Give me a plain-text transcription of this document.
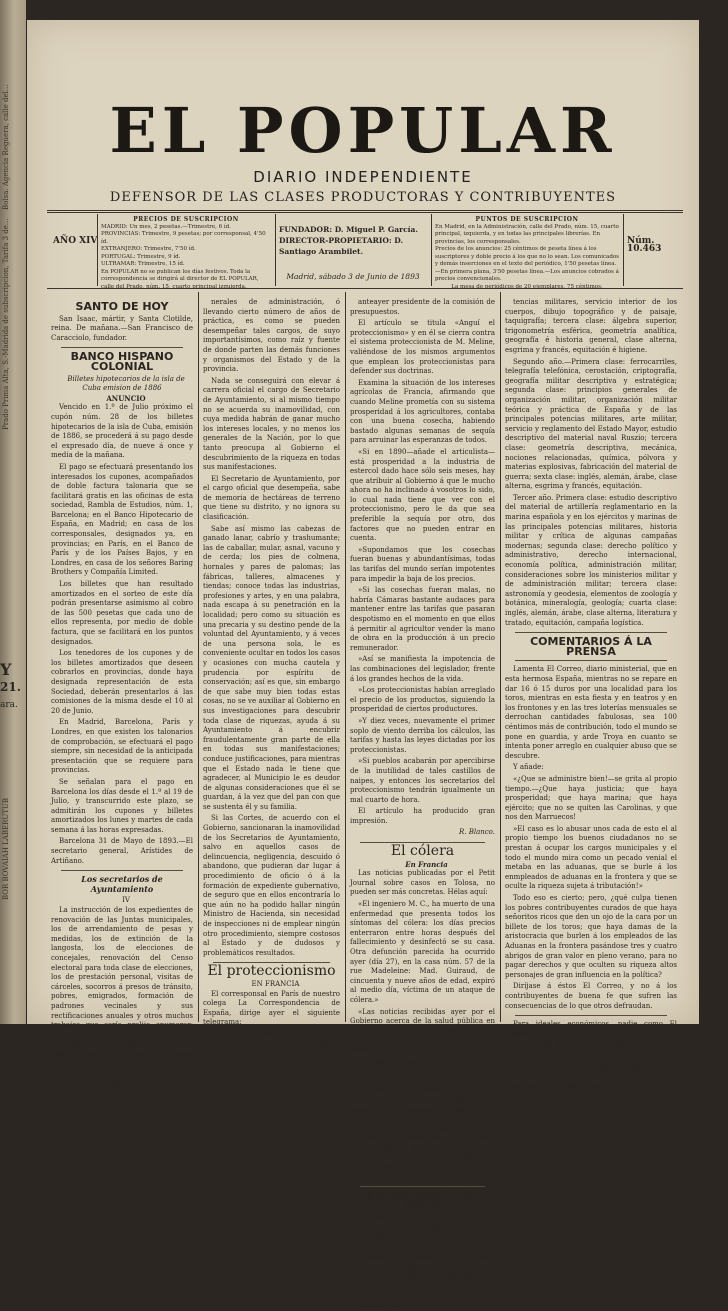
Bolsa. Agencia Reguera, calle del...
a de subscripcion, Tarifa 3 de...
Prado Prima Alta, S.-Madrid
BOR BOVAIAH LABERUTUB
Y
21.
ara.
EL POPULAR
DIARIO INDEPENDIENTE
DEFENSOR DE LAS CLASES PRODUCTORAS Y CONTRIBUYENTES
AÑO XIV
PRECIOS DE SUSCRIPCION
MADRID: Un mes, 2 pesetas.—Trimestre, 6 íd.
PROVINCIAS: Trimestre, 9 pesetas; por corresponsal, 4'50 íd.
EXTRANJERO: Trimestre, 7'50 íd.
PORTUGAL: Trimestre, 9 íd.
ULTRAMAR: Trimestre, 15 íd.
En POPULAR no se publican los días festivos. Toda la correspondencia se dirigirá al director de EL POPULAR, calle del Prado, núm. 15, cuarto principal izquierda.
FUNDADOR: D. Miguel P. García.
DIRECTOR-PROPIETARIO: D. Santiago Arambilet.
Madrid, sábado 3 de Junio de 1893
PUNTOS DE SUSCRIPCION
En Madrid, en la Administración, calle del Prado, núm. 15, cuarto principal, izquierda, y en todas las principales librerías. En provincias, los corresponsales.
Precios de los anuncios: 25 céntimos de peseta línea á los suscriptores y doble precio á los que no lo sean. Los comunicados y demás inserciones en el texto del periódico, 1'50 pesetas línea.—En primera plana, 3'50 pesetas línea.—Los anuncios cobrados á precios convencionales.
La mesa de periódicos de 20 ejemplares, 75 céntimos.
Núm. 10.463
SANTO DE HOY

San Isaac, mártir, y Santa Clotilde, reina. De mañana.—San Francisco de Caracciolo, fundador.

BANCO HISPANO COLONIAL

Billetes hipotecarios de la isla de Cuba emision de 1886

ANUNCIO

Vencido en 1.º de Julio próximo el cupón núm. 28 de los billetes hipotecarios de la isla de Cuba, emisión de 1886, se procederá á su pago desde el expresado día, de nueve á once y media de la mañana.

El pago se efectuará presentando los interesados los cupones, acompañados de doble factura talonaria que se facilitará gratis en las oficinas de esta sociedad, Rambla de Estudios, núm. 1, Barcelona; en el Banco Hipotecario de España, en Madrid; en casa de los corresponsales, designados ya, en provincias; en París, en el Banco de París y de los Países Bajos, y en Londres, en casa de los señores Baring Brothers y Compañía Limited.

Los billetes que han resultado amortizados en el sorteo de este día podrán presentarse asimismo al cobro de las 500 pesetas que cada uno de ellos representa, por medio de doble factura, que se facilitará en los puntos designados.

Los tenedores de los cupones y de los billetes amortizados que deseen cobrarlos en provincias, donde haya designada representación de esta Sociedad, deberán presentarlos á las comisiones de la misma desde el 10 al 20 de Junio.

En Madrid, Barcelona, París y Londres, en que existen los talonarios de comprobación, se efectuará el pago siempre, sin necesidad de la anticipada presentación que se requiere para provincias.

Se señalan para el pago en Barcelona los días desde el 1.º al 19 de Julio, y transcurrido este plazo, se admitirán los cupones y billetes amortizados los lunes y martes de cada semana á las horas expresadas.

Barcelona 31 de Mayo de 1893.—El secretario general, Arístides de Artiñano.

Los secretarios de Ayuntamiento

IV

La instrucción de los expedientes de renovación de las Juntas municipales, los de arrendamiento de pesas y medidas, los de extinción de la langosta, los de elecciones de concejales, renovación del Censo electoral para toda clase de elecciones, los de prestación personal, visitas de cárceles, socorros á presos de tránsito, pobres, emigrados, formación de padrones vecinales y sus rectificaciones anuales y otros muchos trabajos que sería prolijo enumerar; todo ello es de tal entidad y exige conocimiento tan diverso, que se impone como una necesidad de Estado la creación de la carrera de Secretarios de Ayuntamiento, porque solamente poseyendo conocimientos ge-

nerales de administración, ó llevando cierto número de años de práctica, es como se pueden desempeñar tales cargos, de suyo importantísimos, como raíz y fuente de donde parten las demás funciones y organismos del Estado y de la provincia.

Nada se conseguirá con elevar á carrera oficial el cargo de Secretario de Ayuntamiento, si al mismo tiempo no se acuerda su inamovilidad, con cuya medida habrán de ganar mucho los intereses locales, y no menos los generales de la Nación, por lo que tanto preocupa al Gobierno el descubrimiento de la riqueza en todas sus manifestaciones.

El Secretario de Ayuntamiento, por el cargo oficial que desempeña, sabe de memoria de hectáreas de terreno que tiene su distrito, y no ignora su clasificación.

Sabe así mismo las cabezas de ganado lanar, cabrío y trashumante; las de caballar, mular, asnal, vacuno y de cerda; los pies de colmena, hornales y pares de palomas; las fábricas, talleres, almacenes y tiendas; conoce todas las industrias, profesiones y artes, y en una palabra, nada escapa á su penetración en la localidad; pero como su situación es una precaria y su destino pende de la voluntad del Ayuntamiento, y á veces de una persona sola, le es conveniente ocultar en todos los casos y ocasiones con mucha cautela y prudencia por espíritu de conservación; así es que, sin embargo de que sabe muy bien todas estas cosas, no se ve auxiliar al Gobierno en sus investigaciones para descubrir toda clase de riquezas, ayuda á su Ayuntamiento á encubrir fraudulentamente gran parte de ella en todas sus manifestaciones; conduce justificaciones, para mientras que el Estado nada le tiene que agradecer, al Municipio le es deudor de algunas consideraciones que él se guardan, á la vez que del pan con que se sustenta él y su familia.

Si las Cortes, de acuerdo con el Gobierno, sancionaran la inamovilidad de los Secretarios de Ayuntamiento, salvo en aquellos casos de delincuencia, negligencia, descuido ó abandono, que pudieran dar lugar á procedimiento de oficio ó á la formación de expediente gubernativo, de seguro que en ellos encontraría lo que aún no ha podido hallar ningún Ministro de Hacienda, sin necesidad de inspecciones ni de emplear ningún otro procedimiento, siempre costosos al Estado y de dudosos y problemáticos resultados.

El proteccionismo

EN FRANCIA

El corresponsal en París de nuestro colega La Correspondencia de España, dirige ayer el siguiente telegrama:

La Matin publica un artículo de fondo, firmado por el ex-ministro Burdeau, nombrado

anteayer presidente de la comisión de presupuestos.

El artículo se titula «Anguí el proteccionismo» y en él se cierra contra el sistema proteccionista de M. Meline, valiéndose de los mismos argumentos que emplean los proteccionistas para defender sus doctrinas.

Examina la situación de los intereses agrícolas de Francia, afirmando que cuando Meline prometía con su sistema prosperidad á los agricultores, contaba con una buena cosecha, habiendo bastado algunas semanas de sequía para arruinar las esperanzas de todos.

«Si en 1890—añade el articulista—está prosperidad a la industria de estercol dado hace sólo seis meses, hay que atribuir al Gobierno á que le mucho ahora no ha inclinado á vosotros lo sido, lo cual nada tiene que ver con el proteccionismo, pero le da que sea preferible la sequía por otro, dos factores que no pueden entrar en cuenta.

»Supondamos que los cosechas fueran buenas y abundantísimas, todas las tarifas del mundo serían impotentes para impedir la baja de los precios.

»Si las cosechas fueran malas, no habría Cámaras bastante audaces para mantener entre las tarifas que pasaran despotismo en el momento en que ellos á permitir al agricultor vender la mano de obra en la producción á un precio remunerador.

»Así se manifiesta la impotencia de las combinaciones del legislador, frente á los grandes hechos de la vida.

»Los proteccionistas habían arreglado el precio de los productos, siguiendo la prosperidad de ciertos productores.

»Y diez veces, nuevamente el primer soplo de viento derriba los cálculos, las tarifas y hasta las leyes dictadas por los proteccionistas.

»Si pueblos acabarán por apercibirse de la inutilidad de tales castillos de naipes, y entonces los secretarios del proteccionismo tendrán igualmente un mal cuarto de hora.

El artículo ha producido gran impresión.

R. Blanco.

El cólera

En Francia

Las noticias publicadas por el Petit Journal sobre casos en Tolosa, no pueden ser más concretas. Hélas aquí:

«El ingeniero M. C., ha muerto de una enfermedad que presenta todos los síntomas del cólera: los días precios enterraron entre horas después del fallecimiento y desinfectó se su casa. Otra defunción parecida ha ocurrido ayer (día 27), en la casa núm. 57 de la rue Madeleine: Mad. Guiraud, de cincuenta y nueve años de edad, expiró al medio día, víctima de un ataque de cólera.»

«Las noticias recibidas ayer por el Gobierno acerca de la salud pública en la comarca de Montpellier son satisfactorias. No se había de nuevos casos de cólera.

»La Real orden que ayer publicó la Gaceta declarando sucias las procedencias de Marsella, ordena que se despidan á lazareto sucio las procedencias de dicha localidad que hayan salido después del día 21 de Mayo y lleguen á nuestros puertos con fecha posterior á la de esta Real orden, debiendo considerarse nuevamente comprometidas, desde el día de ayer inclusive, los puertos que se hallan á menor distancia de 165 kilómetros, medidos en línea recta, de Marsella.

Escuela superior de Guerra

El plan de estudios de la misma será el siguiente, según referencia en el Diario Oficial:

Primer año.—Primera clase: elementos de astronomía, topografía, fortificación, castrametación, puentes militares; segunda clase: ordenanzas de artillería é ingenieros, reglamentos tácticos y de maniobras de las principales po-

tencias militares, servicio interior de los cuerpos, dibujo topográfico y de paisaje, taquigrafía; tercera clase: álgebra superior, trigonometría esférica, geometría analítica, geografía é historia general, clase alterna, esgrima y francés, equitación é higiene.

Segundo año.—Primera clase: ferrocarriles, telegrafía telefónica, cerostación, criptografía, geografía militar descriptiva y estratégica; segunda clase: principios generales de organización militar, organización militar teórica y práctica de España y de las principales potencias militares, arte militar, servicio y reglamento del Estado Mayor, estudio descriptivo del material naval Ruszio; tercera clase: geometría descriptiva, mecánica, nociones relacionadas, química, pólvora y materias explosivas, fabricación del material de guerra; sexta clase: inglés, alemán, árabe, clase alterna, esgrima y francés, equitación.

Tercer año. Primera clase: estudio descriptivo del material de artillería reglamentario en la marina española y en los ejércitos y marinas de las principales potencias militares, historia militar y crítica de algunas campañas modernas; segunda clase: derecho político y administrativo, derecho internacional, economía política, administración militar, consideraciones sobre los ministerios militar y de administración militar; tercera clase: astronomía y geodesia, elementos de zoología y botánica, mineralogía, geología; cuarta clase: inglés, alemán, árabe, clase alterna, literatura y tratado, equitación, campaña logística.

COMENTARIOS Á LA PRENSA

Lamenta El Correo, diario ministerial, que en esta hermosa España, mientras no se repare en dar 16 ó 15 duros por una localidad para los toros, mientras en esta fiesta y en teatros y en los frontones y en las tres loterías mensuales se derrochan cantidades fabulosas, sea 100 céntimos más de contribución, todo el mundo se pone en guardia, y arde Troya en cuanto se intenta poner arreglo en cualquier abuso que se descubre.

Y añade:

«¿Que se administre bien!—se grita al propio tiempo.—¿Que haya justicia; que haya prosperidad; que haya marina; que haya ejército; que no se quiten las Carolinas, y que nos den Marruecos!

»El caso es lo abusar unos cada de esto el al propio tiempo los buenos ciudadanos no se prestan á ocupar los cargos municipales y el todo el mundo mira como un pecado venial el metaba en las aduanas, que se burle á los enmpleados de aduanas en la frontera y que se oculte la riqueza sujeta á tributación!»

Todo eso es cierto; pero, ¿qué culpa tienen los pobres contribuyentes curados de que haya señoritos ricos que den un ojo de la cara por un billete de los toros; que haya damas de la aristocracia que burlen á los empleados de las Aduanas en la frontera pasándose tres y cuatro abrigos de gran valor en pleno verano, para no pagar derechos y que oculten su riqueza altos personajes de gran influencia en la política?

Diríjase á éstos El Correo, y no á los contribuyentes de buena fe que sufren las consecuencias de lo que otros defraudan.

Para ideales económicos, nadie como El Liberal.

Qué, como quien no dice nada, pretende lo siguiente:

«Que en vez de se rebajaron vigorosamente los gastos del Estado, á fin de que el presupuesto quede reducido realmente á su situación normal, en la que la recaudación procediendo solo de rentas públicas bien esta-
